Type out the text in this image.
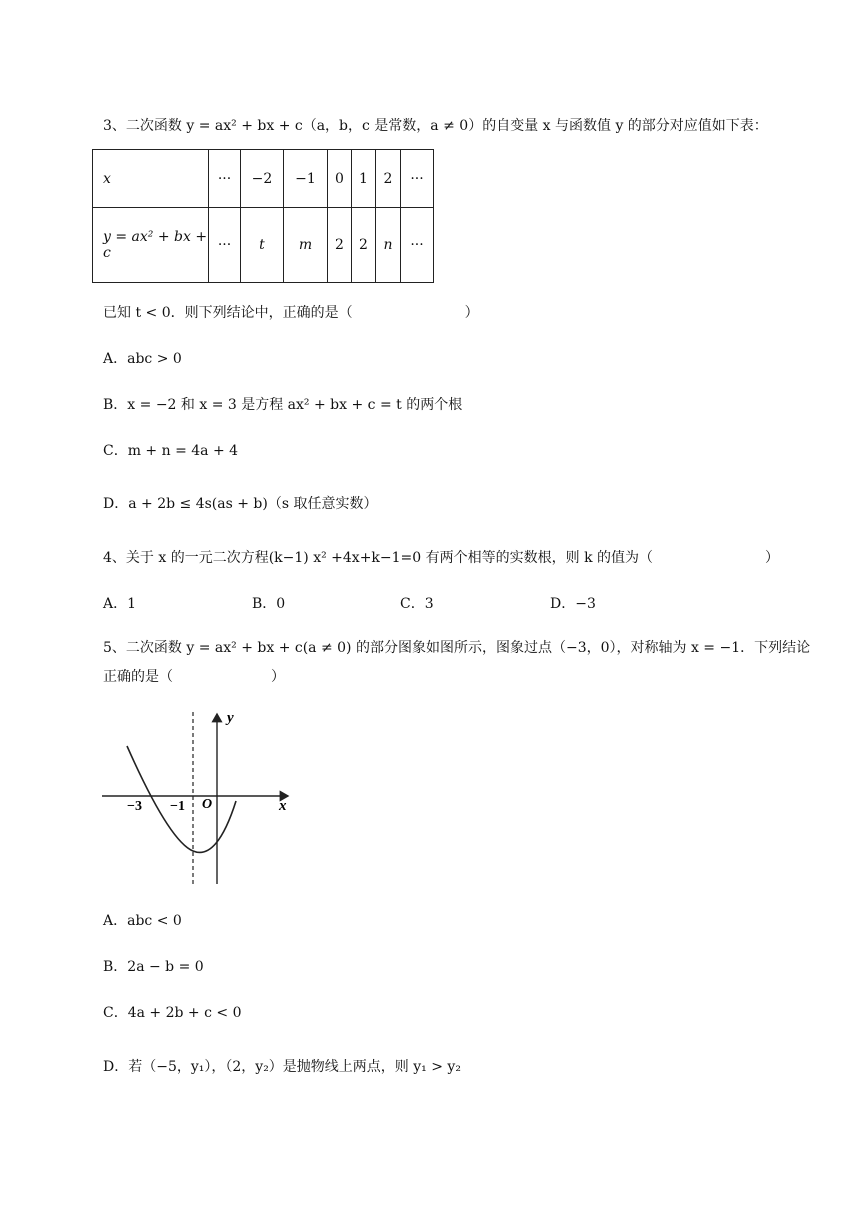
3、二次函数 y = ax² + bx + c（a，b，c 是常数，a ≠ 0）的自变量 x 与函数值 y 的部分对应值如下表：
x	···	−2	−1	0	1	2	···
y = ax² + bx + c	···	t	m	2	2	n	···
已知 t < 0．则下列结论中，正确的是（　　　　　　　　）
A．abc > 0
B．x = −2 和 x = 3 是方程 ax² + bx + c = t 的两个根
C．m + n = 4a + 4
D．a + 2b ≤ 4s(as + b)（s 取任意实数）
4、关于 x 的一元二次方程(k−1) x² +4x+k−1=0 有两个相等的实数根，则 k 的值为（　　　　　　　　）
A．1	B．0	C．3	D．−3
5、二次函数 y = ax² + bx + c(a ≠ 0) 的部分图象如图所示，图象过点（−3，0），对称轴为 x = −1．下列结论
正确的是（　　　　　　　）
y
x
O
−3 −1
A．abc < 0
B．2a − b = 0
C．4a + 2b + c < 0
D．若（−5，y₁），（2，y₂）是抛物线上两点，则 y₁ > y₂
